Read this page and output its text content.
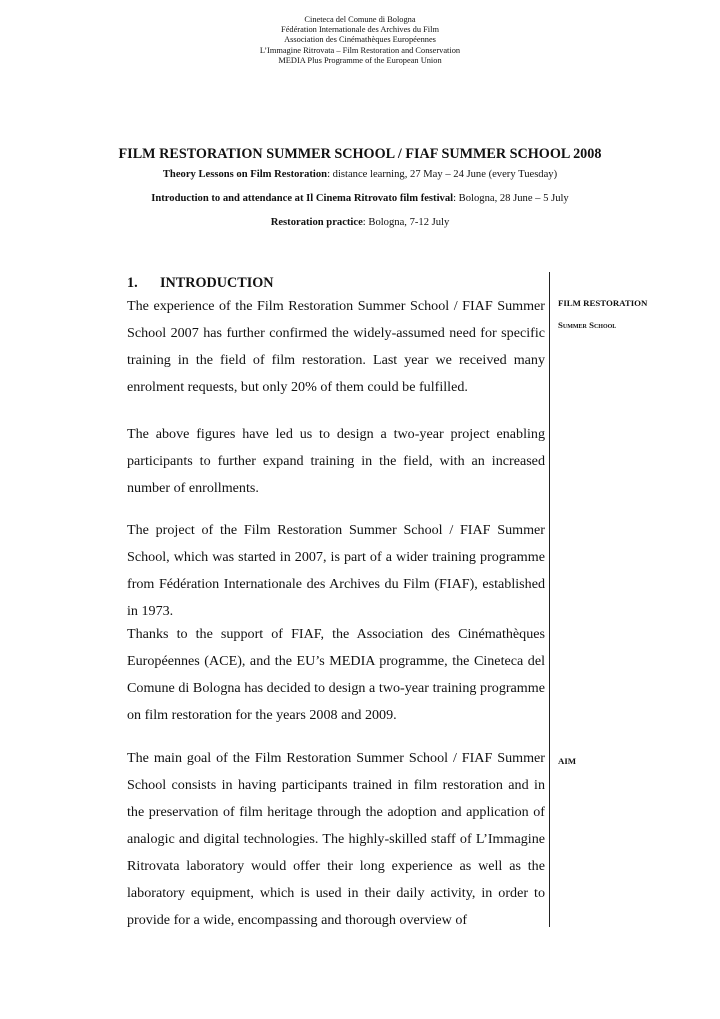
Cineteca del Comune di Bologna
Fédération Internationale des Archives du Film
Association des Cinémathèques Européennes
L’Immagine Ritrovata – Film Restoration and Conservation
MEDIA Plus Programme of the European Union
FILM RESTORATION SUMMER SCHOOL / FIAF SUMMER SCHOOL 2008
Theory Lessons on Film Restoration: distance learning, 27 May – 24 June (every Tuesday)
Introduction to and attendance at Il Cinema Ritrovato film festival: Bologna, 28 June – 5 July
Restoration practice: Bologna, 7-12 July
1. INTRODUCTION
FILM RESTORATION
Summer School
AIM
The experience of the Film Restoration Summer School / FIAF Summer School 2007 has further confirmed the widely-assumed need for specific training in the field of film restoration. Last year we received many enrolment requests, but only 20% of them could be fulfilled.
The above figures have led us to design a two-year project enabling participants to further expand training in the field, with an increased number of enrollments.
The project of the Film Restoration Summer School / FIAF Summer School, which was started in 2007, is part of a wider training programme from Fédération Internationale des Archives du Film (FIAF), established in 1973.
Thanks to the support of FIAF, the Association des Cinémathèques Européennes (ACE), and the EU’s MEDIA programme, the Cineteca del Comune di Bologna has decided to design a two-year training programme on film restoration for the years 2008 and 2009.
The main goal of the Film Restoration Summer School / FIAF Summer School consists in having participants trained in film restoration and in the preservation of film heritage through the adoption and application of analogic and digital technologies. The highly-skilled staff of L’Immagine Ritrovata laboratory would offer their long experience as well as the laboratory equipment, which is used in their daily activity, in order to provide for a wide, encompassing and thorough overview of
